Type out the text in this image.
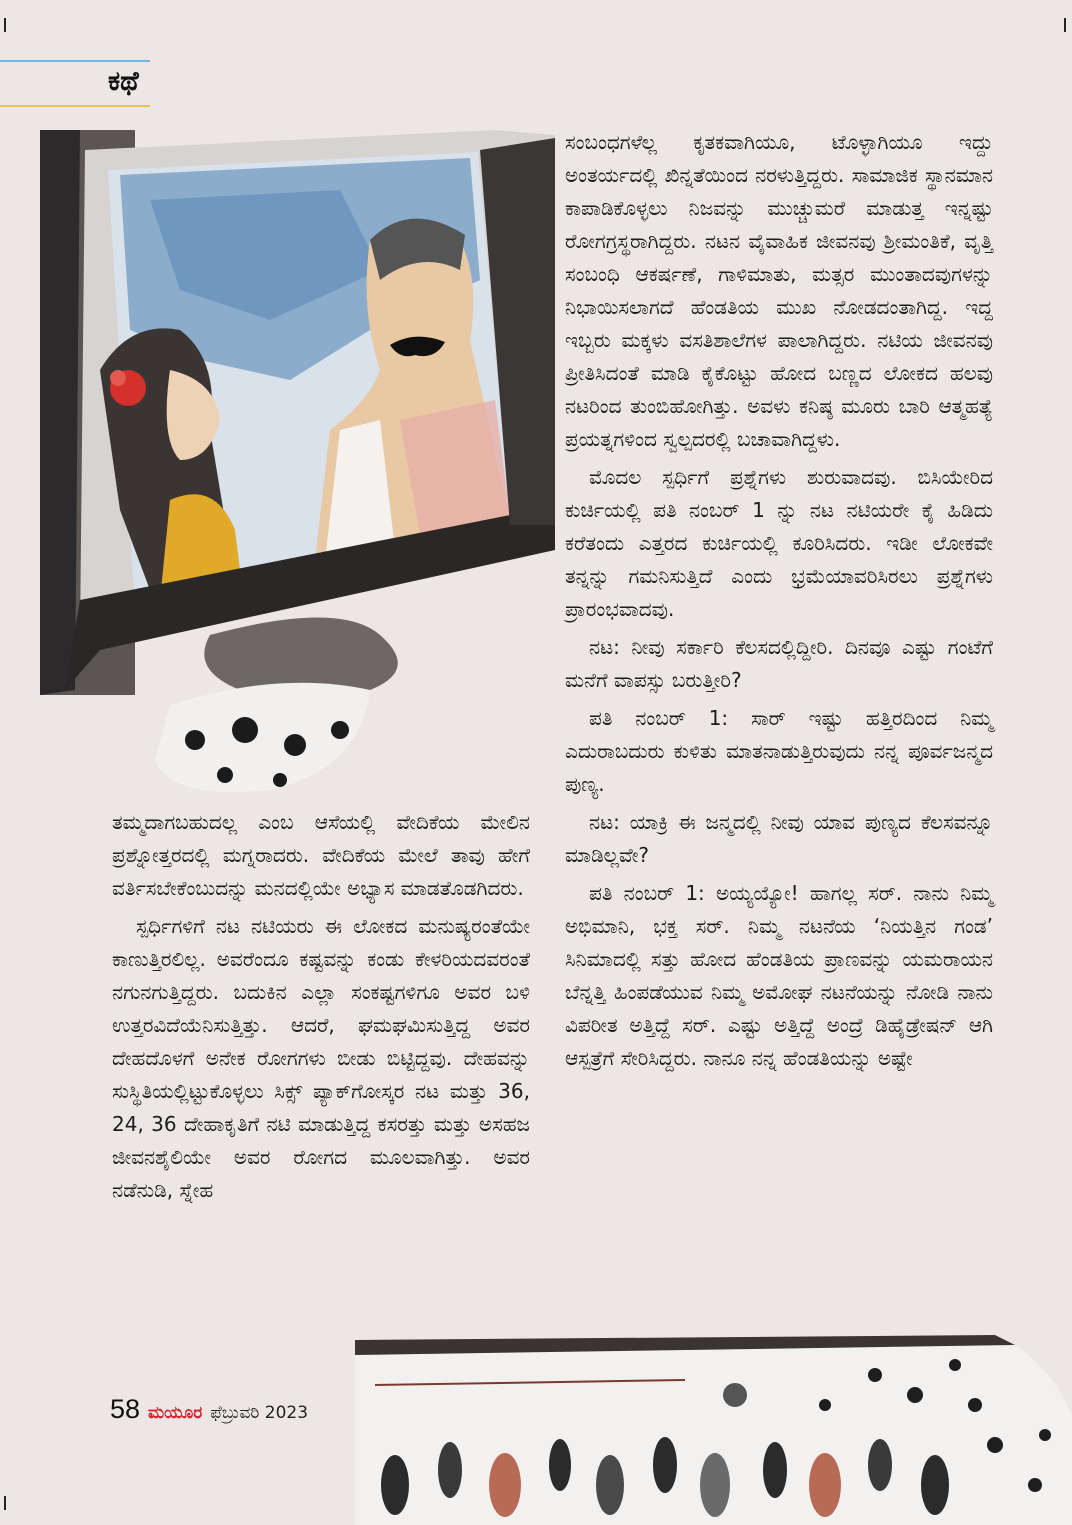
ಕಥೆ

ಸಂಬಂಧಗಳೆಲ್ಲ ಕೃತಕವಾಗಿಯೂ, ಟೊಳ್ಳಾಗಿಯೂ ಇದ್ದು ಅಂತರ್ಯದಲ್ಲಿ ಖಿನ್ನತೆಯಿಂದ ನರಳುತ್ತಿದ್ದರು. ಸಾಮಾಜಿಕ ಸ್ಥಾನಮಾನ ಕಾಪಾಡಿಕೊಳ್ಳಲು ನಿಜವನ್ನು ಮುಚ್ಚುಮರೆ ಮಾಡುತ್ತ ಇನ್ನಷ್ಟು ರೋಗಗ್ರಸ್ಥರಾಗಿದ್ದರು. ನಟನ ವೈವಾಹಿಕ ಜೀವನವು ಶ್ರೀಮಂತಿಕೆ, ವೃತ್ತಿ ಸಂಬಂಧಿ ಆಕರ್ಷಣೆ, ಗಾಳಿಮಾತು, ಮತ್ಸರ ಮುಂತಾದವುಗಳನ್ನು ನಿಭಾಯಿಸಲಾಗದೆ ಹೆಂಡತಿಯ ಮುಖ ನೋಡದಂತಾಗಿದ್ದ. ಇದ್ದ ಇಬ್ಬರು ಮಕ್ಕಳು ವಸತಿಶಾಲೆಗಳ ಪಾಲಾಗಿದ್ದರು. ನಟಿಯ ಜೀವನವು ಪ್ರೀತಿಸಿದಂತೆ ಮಾಡಿ ಕೈಕೊಟ್ಟು ಹೋದ ಬಣ್ಣದ ಲೋಕದ ಹಲವು ನಟರಿಂದ ತುಂಬಿಹೋಗಿತ್ತು. ಅವಳು ಕನಿಷ್ಠ ಮೂರು ಬಾರಿ ಆತ್ಮಹತ್ಯೆ ಪ್ರಯತ್ನಗಳಿಂದ ಸ್ವಲ್ಪದರಲ್ಲಿ ಬಚಾವಾಗಿದ್ದಳು.

ಮೊದಲ ಸ್ಪರ್ಧಿಗೆ ಪ್ರಶ್ನೆಗಳು ಶುರುವಾದವು. ಬಿಸಿಯೇರಿದ ಕುರ್ಚಿಯಲ್ಲಿ ಪತಿ ನಂಬರ್ 1 ನ್ನು ನಟ ನಟಿಯರೇ ಕೈ ಹಿಡಿದು ಕರೆತಂದು ಎತ್ತರದ ಕುರ್ಚಿಯಲ್ಲಿ ಕೂರಿಸಿದರು. ಇಡೀ ಲೋಕವೇ ತನ್ನನ್ನು ಗಮನಿಸುತ್ತಿದೆ ಎಂದು ಭ್ರಮೆಯಾವರಿಸಿರಲು ಪ್ರಶ್ನೆಗಳು ಪ್ರಾರಂಭವಾದವು.

ನಟ: ನೀವು ಸರ್ಕಾರಿ ಕೆಲಸದಲ್ಲಿದ್ದೀರಿ. ದಿನವೂ ಎಷ್ಟು ಗಂಟೆಗೆ ಮನೆಗೆ ವಾಪಸ್ಸು ಬರುತ್ತೀರಿ?

ಪತಿ ನಂಬರ್ 1: ಸಾರ್ ಇಷ್ಟು ಹತ್ತಿರದಿಂದ ನಿಮ್ಮ ಎದುರಾಬದುರು ಕುಳಿತು ಮಾತನಾಡುತ್ತಿರುವುದು ನನ್ನ ಪೂರ್ವಜನ್ಮದ ಪುಣ್ಯ.

ನಟ: ಯಾಕ್ರಿ ಈ ಜನ್ಮದಲ್ಲಿ ನೀವು ಯಾವ ಪುಣ್ಯದ ಕೆಲಸವನ್ನೂ ಮಾಡಿಲ್ಲವೇ?

ಪತಿ ನಂಬರ್ 1: ಅಯ್ಯಯ್ಯೋ! ಹಾಗಲ್ಲ ಸರ್. ನಾನು ನಿಮ್ಮ ಅಭಿಮಾನಿ, ಭಕ್ತ ಸರ್. ನಿಮ್ಮ ನಟನೆಯ ‘ನಿಯತ್ತಿನ ಗಂಡ’ ಸಿನಿಮಾದಲ್ಲಿ ಸತ್ತು ಹೋದ ಹೆಂಡತಿಯ ಪ್ರಾಣವನ್ನು ಯಮರಾಯನ ಬೆನ್ನತ್ತಿ ಹಿಂಪಡೆಯುವ ನಿಮ್ಮ ಅಮೋಘ ನಟನೆಯನ್ನು ನೋಡಿ ನಾನು ವಿಪರೀತ ಅತ್ತಿದ್ದೆ ಸರ್. ಎಷ್ಟು ಅತ್ತಿದ್ದೆ ಅಂದ್ರೆ ಡಿಹೈಡ್ರೇಷನ್ ಆಗಿ ಆಸ್ಪತ್ರೆಗೆ ಸೇರಿಸಿದ್ದರು. ನಾನೂ ನನ್ನ ಹೆಂಡತಿಯನ್ನು ಅಷ್ಟೇ

ತಮ್ಮದಾಗಬಹುದಲ್ಲ ಎಂಬ ಆಸೆಯಲ್ಲಿ ವೇದಿಕೆಯ ಮೇಲಿನ ಪ್ರಶ್ನೋತ್ತರದಲ್ಲಿ ಮಗ್ನರಾದರು. ವೇದಿಕೆಯ ಮೇಲೆ ತಾವು ಹೇಗೆ ವರ್ತಿಸಬೇಕೆಂಬುದನ್ನು ಮನದಲ್ಲಿಯೇ ಅಭ್ಯಾಸ ಮಾಡತೊಡಗಿದರು.

ಸ್ಪರ್ಧಿಗಳಿಗೆ ನಟ ನಟಿಯರು ಈ ಲೋಕದ ಮನುಷ್ಯರಂತೆಯೇ ಕಾಣುತ್ತಿರಲಿಲ್ಲ. ಅವರೆಂದೂ ಕಷ್ಟವನ್ನು ಕಂಡು ಕೇಳರಿಯದವರಂತೆ ನಗುನಗುತ್ತಿದ್ದರು. ಬದುಕಿನ ಎಲ್ಲಾ ಸಂಕಷ್ಟಗಳಿಗೂ ಅವರ ಬಳಿ ಉತ್ತರವಿದೆಯೆನಿಸುತ್ತಿತ್ತು. ಆದರೆ, ಘಮಘಮಿಸುತ್ತಿದ್ದ ಅವರ ದೇಹದೊಳಗೆ ಅನೇಕ ರೋಗಗಳು ಬೀಡು ಬಿಟ್ಟಿದ್ದವು. ದೇಹವನ್ನು ಸುಸ್ಥಿತಿಯಲ್ಲಿಟ್ಟುಕೊಳ್ಳಲು ಸಿಕ್ಸ್ ಪ್ಯಾಕ್‌ಗೋಸ್ಕರ ನಟ ಮತ್ತು 36, 24, 36 ದೇಹಾಕೃತಿಗೆ ನಟಿ ಮಾಡುತ್ತಿದ್ದ ಕಸರತ್ತು ಮತ್ತು ಅಸಹಜ ಜೀವನಶೈಲಿಯೇ ಅವರ ರೋಗದ ಮೂಲವಾಗಿತ್ತು. ಅವರ ನಡೆನುಡಿ, ಸ್ನೇಹ

58 ಮಯೂರ ಫೆಬ್ರುವರಿ 2023
